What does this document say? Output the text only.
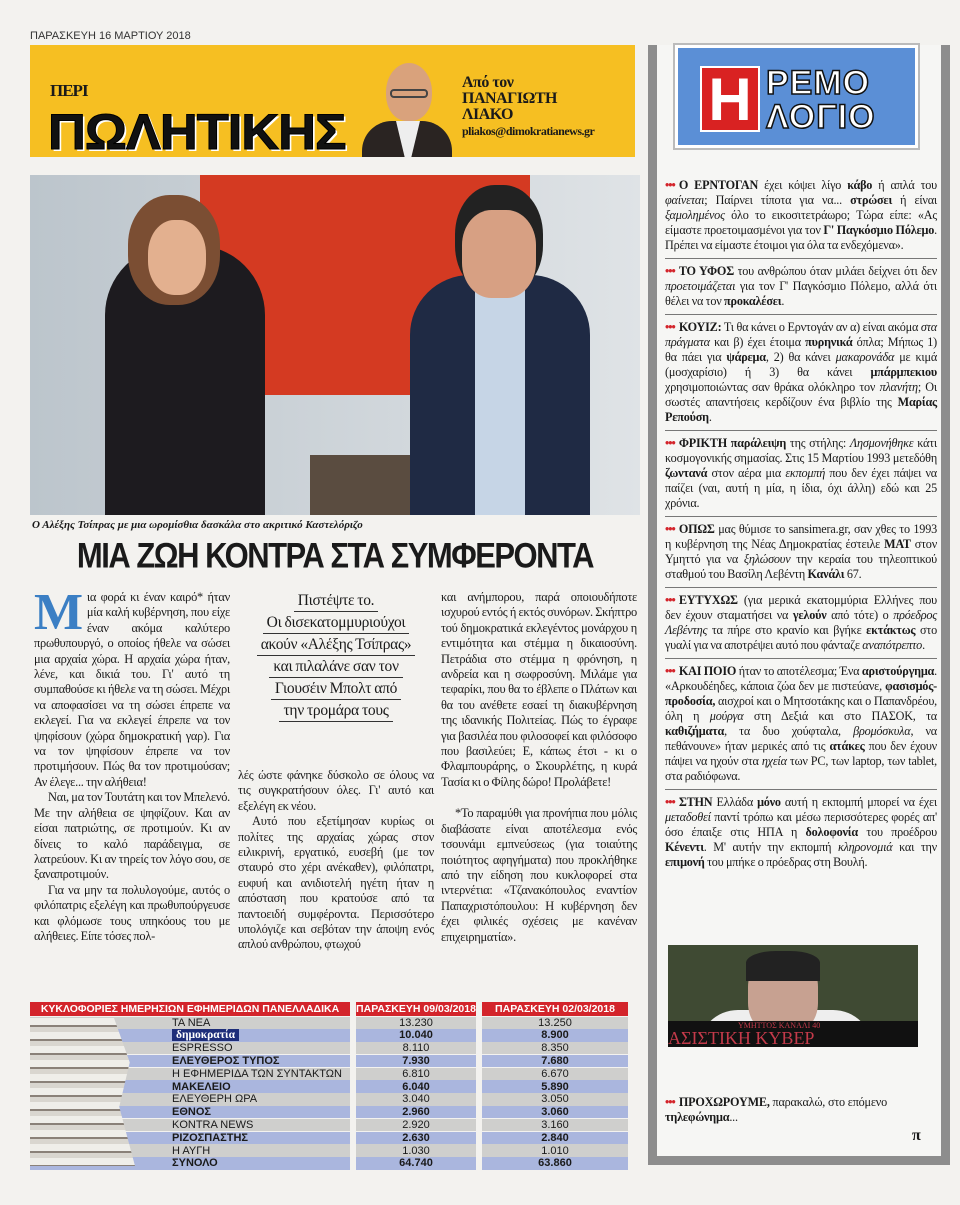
ΠΑΡΑΣΚΕΥΗ 16 ΜΑΡΤΙΟΥ 2018
ΠΕΡΙ
ΠΩΛΗΤΙΚΗΣ
Από τον
ΠΑΝΑΓΙΩΤΗ
ΛΙΑΚΟ
pliakos@dimokratianews.gr
Ο Αλέξης Τσίπρας με μια ωρομίσθια δασκάλα στο ακριτικό Καστελόριζο
ΜΙΑ ΖΩΗ ΚΟΝΤΡΑ ΣΤΑ ΣΥΜΦΕΡΟΝΤΑ

Μια φορά κι έναν καιρό* ήταν μία καλή κυβέρνηση, που είχε έναν ακόμα καλύτερο πρωθυπουργό, ο οποίος ήθελε να σώσει μια αρχαία χώρα. Η αρχαία χώρα ήταν, λένε, και δικιά του. Γι' αυτό τη συμπαθούσε κι ήθελε να τη σώσει. Μέχρι να αποφασίσει να τη σώσει έπρεπε να εκλεγεί. Για να εκλεγεί έπρεπε να τον ψηφίσουν (χώρα δημοκρατική γαρ). Για να τον ψηφίσουν έπρεπε να τον προτιμήσουν. Πώς θα τον προτιμούσαν; Αν έλεγε... την αλήθεια!

Ναι, μα τον Τουτάτη και τον Μπελενό. Με την αλήθεια σε ψηφίζουν. Και αν είσαι πατριώτης, σε προτιμούν. Κι αν δίνεις το καλό παράδειγμα, σε λατρεύουν. Κι αν τηρείς τον λόγο σου, σε ξαναπροτιμούν.

Για να μην τα πολυλογούμε, αυτός ο φιλόπατρις εξελέγη και πρωθυπούργευσε και φλόμωσε τους υπηκόους του με αλήθειες. Είπε τόσες πολ-

Πιστέψτε το.
Οι δισεκατομμυριούχοι
ακούν «Αλέξης Τσίπρας»
και πιλαλάνε σαν τον
Γιουσέιν Μπολτ από
την τρομάρα τους

λές ώστε φάνηκε δύσκολο σε όλους να τις συγκρατήσουν όλες. Γι' αυτό και εξελέγη εκ νέου.

Αυτό που εξετίμησαν κυρίως οι πολίτες της αρχαίας χώρας στον ειλικρινή, εργατικό, ευσεβή (με τον σταυρό στο χέρι ανέκαθεν), φιλόπατρι, ευφυή και ανιδιοτελή ηγέτη ήταν η απόσταση που κρατούσε από τα παντοειδή συμφέροντα. Περισσότερο υπολόγιζε και σεβόταν την άποψη ενός απλού ανθρώπου, φτωχού

και ανήμπορου, παρά οποιουδήποτε ισχυρού εντός ή εκτός συνόρων. Σκήπτρο τού δημοκρατικά εκλεγέντος μονάρχου η εντιμότητα και στέμμα η δικαιοσύνη. Πετράδια στο στέμμα η φρόνηση, η ανδρεία και η σωφροσύνη. Μιλάμε για τεφαρίκι, που θα το έβλεπε ο Πλάτων και θα του ανέθετε εσαεί τη διακυβέρνηση της ιδανικής Πολιτείας. Πώς το έγραφε για βασιλέα που φιλοσοφεί και φιλόσοφο που βασιλεύει; Ε, κάπως έτσι - κι ο Φλαμπουράρης, ο Σκουρλέτης, η κυρά Τασία κι ο Φίλης δώρο! Προλάβετε!

*Το παραμύθι για προνήπια που μόλις διαβάσατε είναι αποτέλεσμα ενός τσουνάμι εμπνεύσεως (για τοιαύτης ποιότητος αφηγήματα) που προκλήθηκε από την είδηση που κυκλοφορεί στα ιντερνέτια: «Τζανακόπουλος εναντίον Παπαχριστόπουλου: Η κυβέρνηση δεν έχει φιλικές σχέσεις με κανέναν επιχειρηματία».

ΚΥΚΛΟΦΟΡΙΕΣ ΗΜΕΡΗΣΙΩΝ ΕΦΗΜΕΡΙΔΩΝ ΠΑΝΕΛΛΑΔΙΚΑ	ΠΑΡΑΣΚΕΥΗ 09/03/2018	ΠΑΡΑΣΚΕΥΗ 02/03/2018
ΤΑ ΝΕΑ	13.230	13.250
δημοκρατία	10.040	8.900
ESPRESSO	8.110	8.350
ΕΛΕΥΘΕΡΟΣ ΤΥΠΟΣ	7.930	7.680
Η ΕΦΗΜΕΡΙΔΑ ΤΩΝ ΣΥΝΤΑΚΤΩΝ	6.810	6.670
ΜΑΚΕΛΕΙΟ	6.040	5.890
ΕΛΕΥΘΕΡΗ ΩΡΑ	3.040	3.050
ΕΘΝΟΣ	2.960	3.060
KONTRA NEWS	2.920	3.160
ΡΙΖΟΣΠΑΣΤΗΣ	2.630	2.840
Η ΑΥΓΗ	1.030	1.010
ΣΥΝΟΛΟ	64.740	63.860
Η ΡΕΜΟ
ΛΟΓΙΟ
••• Ο ΕΡΝΤΟΓΑΝ έχει κόψει λίγο κάβο ή απλά του φαίνεται; Παίρνει τίποτα για να... στρώσει ή είναι ξαμολημένος όλο το εικοσιτετράωρο; Τώρα είπε: «Ας είμαστε προετοιμασμένοι για τον Γ' Παγκόσμιο Πόλεμο. Πρέπει να είμαστε έτοιμοι για όλα τα ενδεχόμενα».
••• ΤΟ ΥΦΟΣ του ανθρώπου όταν μιλάει δείχνει ότι δεν προετοιμάζεται για τον Γ' Παγκόσμιο Πόλεμο, αλλά ότι θέλει να τον προκαλέσει.
••• ΚΟΥΙΖ: Τι θα κάνει ο Ερντογάν αν α) είναι ακόμα στα πράγματα και β) έχει έτοιμα πυρηνικά όπλα; Μήπως 1) θα πάει για ψάρεμα, 2) θα κάνει μακαρονάδα με κιμά (μοσχαρίσιο) ή 3) θα κάνει μπάρμπεκιου χρησιμοποιώντας σαν θράκα ολόκληρο τον πλανήτη; Οι σωστές απαντήσεις κερδίζουν ένα βιβλίο της Μαρίας Ρεπούση.
••• ΦΡΙΚΤΗ παράλειψη της στήλης: Λησμονήθηκε κάτι κοσμογονικής σημασίας. Στις 15 Μαρτίου 1993 μετεδόθη ζωντανά στον αέρα μια εκπομπή που δεν έχει πάψει να παίζει (ναι, αυτή η μία, η ίδια, όχι άλλη) εδώ και 25 χρόνια.
••• ΟΠΩΣ μας θύμισε το sansimera.gr, σαν χθες το 1993 η κυβέρνηση της Νέας Δημοκρατίας έστειλε ΜΑΤ στον Υμηττό για να ξηλώσουν την κεραία του τηλεοπτικού σταθμού του Βασίλη Λεβέντη Κανάλι 67.
••• ΕΥΤΥΧΩΣ (για μερικά εκατομμύρια Ελλήνες που δεν έχουν σταματήσει να γελούν από τότε) ο πρόεδρος Λεβέντης τα πήρε στο κρανίο και βγήκε εκτάκτως στο γυαλί για να αποτρέψει αυτό που φάνταζε αναπότρεπτο.
••• ΚΑΙ ΠΟΙΟ ήταν το αποτέλεσμα; Ένα αριστούργημα. «Αρκουδέηδες, κάποια ζώα δεν με πιστεύανε, φασισμός-προδοσία, αισχροί και ο Μητσοτάκης και ο Παπανδρέου, όλη η μούργα στη Δεξιά και στο ΠΑΣΟΚ, τα καθιζήματα, τα δυο χούφταλα, βρομόσκυλα, να πεθάνουνε» ήταν μερικές από τις ατάκες που δεν έχουν πάψει να ηχούν στα ηχεία των PC, των laptop, των tablet, στα ραδιόφωνα.
••• ΣΤΗΝ Ελλάδα μόνο αυτή η εκπομπή μπορεί να έχει μεταδοθεί παντί τρόπω και μέσω περισσότερες φορές απ' όσο έπαιξε στις ΗΠΑ η δολοφονία του προέδρου Κένεντι. Μ' αυτήν την εκπομπή κληρονομιά και την επιμονή του μπήκε ο πρόεδρας στη Βουλή.
ΥΜΗΤΤΟΣ ΚΑΝΑΛΙ 40
ΑΣΙΣΤΙΚΗ ΚΥΒΕΡ
••• ΠΡΟΧΩΡΟΥΜΕ, παρακαλώ, στο επόμενο τηλεφώνημα...
π
